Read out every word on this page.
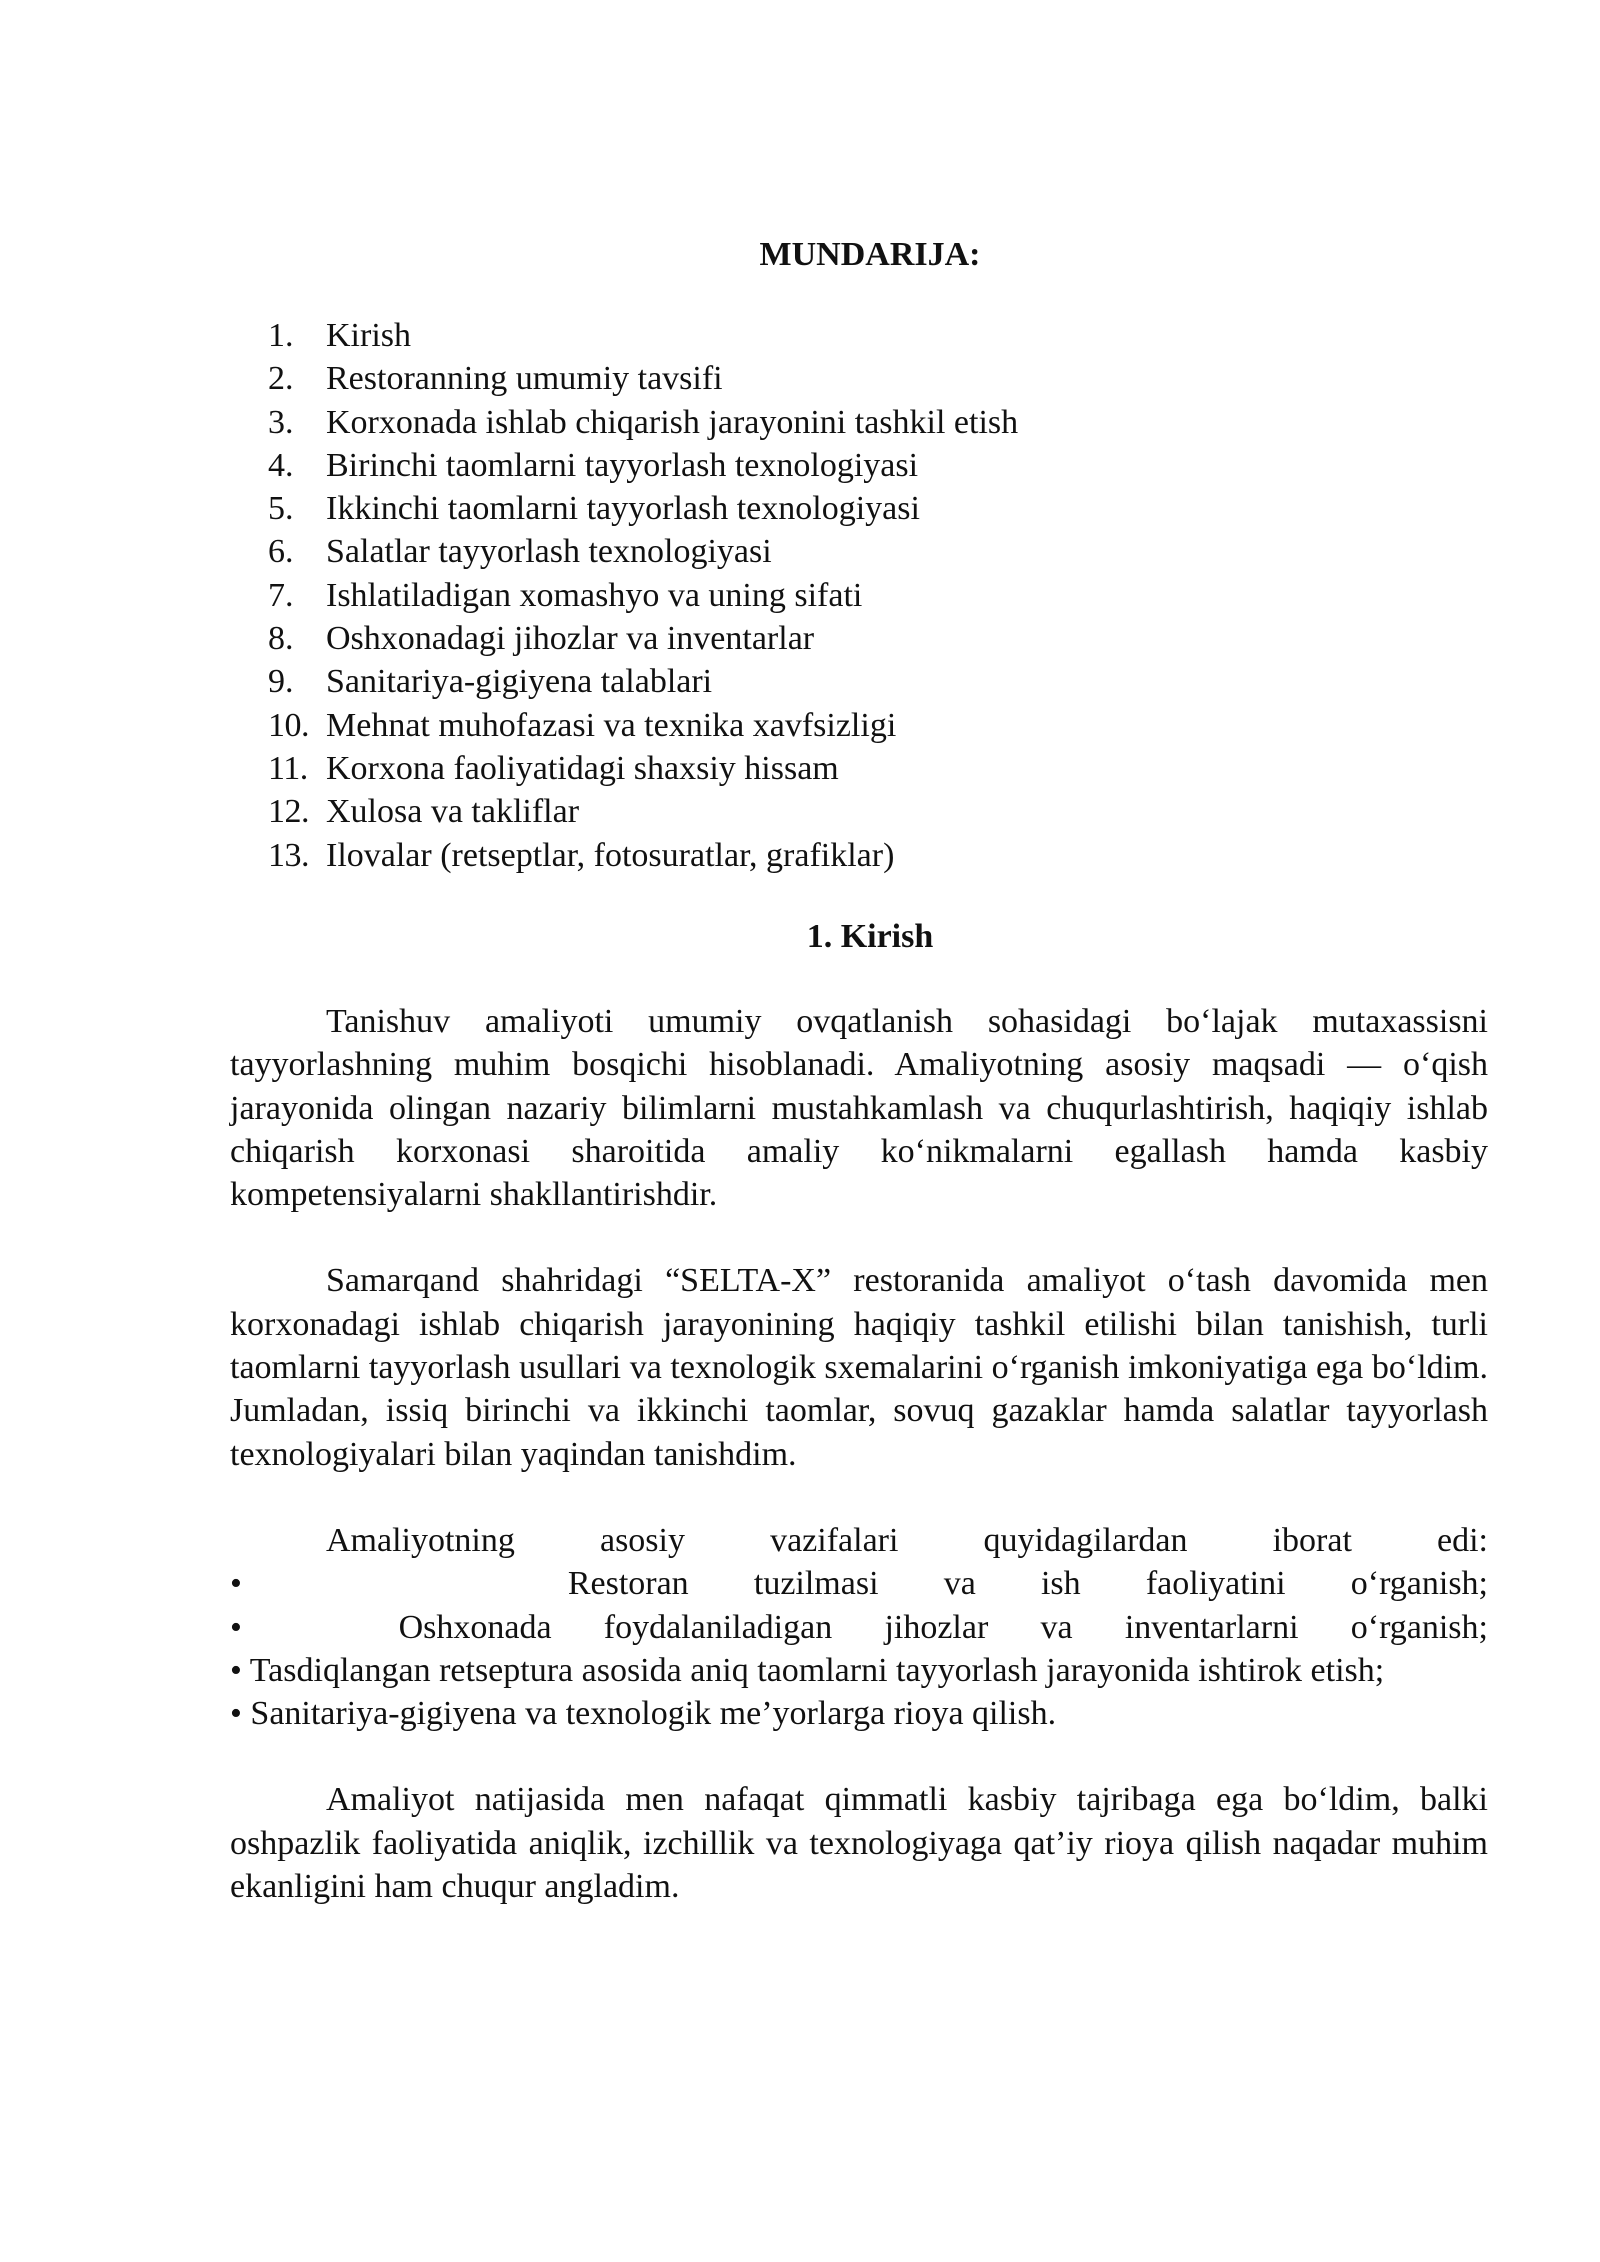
MUNDARIJA:
1. Kirish
2. Restoranning umumiy tavsifi
3. Korxonada ishlab chiqarish jarayonini tashkil etish
4. Birinchi taomlarni tayyorlash texnologiyasi
5. Ikkinchi taomlarni tayyorlash texnologiyasi
6. Salatlar tayyorlash texnologiyasi
7. Ishlatiladigan xomashyo va uning sifati
8. Oshxonadagi jihozlar va inventarlar
9. Sanitariya-gigiyena talablari
10. Mehnat muhofazasi va texnika xavfsizligi
11. Korxona faoliyatidagi shaxsiy hissam
12. Xulosa va takliflar
13. Ilovalar (retseptlar, fotosuratlar, grafiklar)
1. Kirish

Tanishuv amaliyoti umumiy ovqatlanish sohasidagi bo‘lajak mutaxassisni tayyorlashning muhim bosqichi hisoblanadi. Amaliyotning asosiy maqsadi — o‘qish jarayonida olingan nazariy bilimlarni mustahkamlash va chuqurlashtirish, haqiqiy ishlab chiqarish korxonasi sharoitida amaliy ko‘nikmalarni egallash hamda kasbiy kompetensiyalarni shakllantirishdir.

Samarqand shahridagi “SELTA-X” restoranida amaliyot o‘tash davomida men korxonadagi ishlab chiqarish jarayonining haqiqiy tashkil etilishi bilan tanishish, turli taomlarni tayyorlash usullari va texnologik sxemalarini o‘rganish imkoniyatiga ega bo‘ldim. Jumladan, issiq birinchi va ikkinchi taomlar, sovuq gazaklar hamda salatlar tayyorlash texnologiyalari bilan yaqindan tanishdim.

Amaliyotning asosiy vazifalari quyidagilardan iborat edi:
•     Restoran tuzilmasi va ish faoliyatini o‘rganish;
•   Oshxonada foydalaniladigan jihozlar va inventarlarni o‘rganish;
• Tasdiqlangan retseptura asosida aniq taomlarni tayyorlash jarayonida ishtirok etish;
• Sanitariya-gigiyena va texnologik me’yorlarga rioya qilish.

Amaliyot natijasida men nafaqat qimmatli kasbiy tajribaga ega bo‘ldim, balki oshpazlik faoliyatida aniqlik, izchillik va texnologiyaga qat’iy rioya qilish naqadar muhim ekanligini ham chuqur angladim.
